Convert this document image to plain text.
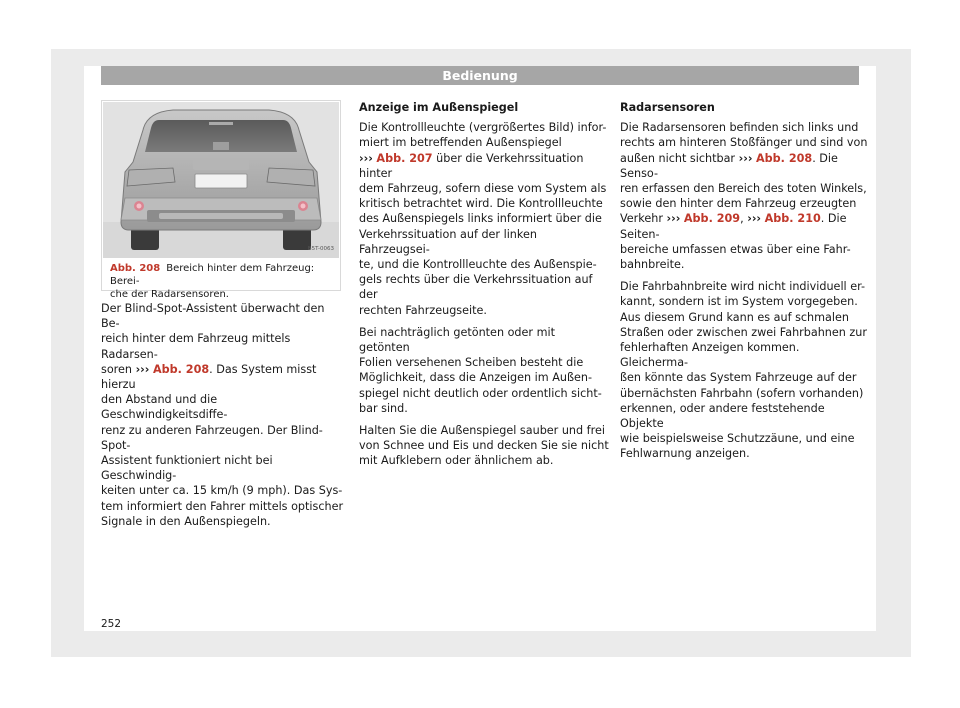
Bedienung
B5T-0063
Abb. 208 Bereich hinter dem Fahrzeug: Berei-
che der Radarsensoren.

Der Blind-Spot-Assistent überwacht den Be-
reich hinter dem Fahrzeug mittels Radarsen-
soren ››› Abb. 208. Das System misst hierzu
den Abstand und die Geschwindigkeitsdiffe-
renz zu anderen Fahrzeugen. Der Blind-Spot-
Assistent funktioniert nicht bei Geschwindig-
keiten unter ca. 15 km/h (9 mph). Das Sys-
tem informiert den Fahrer mittels optischer
Signale in den Außenspiegeln.

Anzeige im Außenspiegel

Die Kontrollleuchte (vergrößertes Bild) infor-
miert im betreffenden Außenspiegel
››› Abb. 207 über die Verkehrssituation hinter
dem Fahrzeug, sofern diese vom System als
kritisch betrachtet wird. Die Kontrollleuchte
des Außenspiegels links informiert über die
Verkehrssituation auf der linken Fahrzeugsei-
te, und die Kontrollleuchte des Außenspie-
gels rechts über die Verkehrssituation auf der
rechten Fahrzeugseite.

Bei nachträglich getönten oder mit getönten
Folien versehenen Scheiben besteht die
Möglichkeit, dass die Anzeigen im Außen-
spiegel nicht deutlich oder ordentlich sicht-
bar sind.

Halten Sie die Außenspiegel sauber und frei
von Schnee und Eis und decken Sie sie nicht
mit Aufklebern oder ähnlichem ab.

Radarsensoren

Die Radarsensoren befinden sich links und
rechts am hinteren Stoßfänger und sind von
außen nicht sichtbar ››› Abb. 208. Die Senso-
ren erfassen den Bereich des toten Winkels,
sowie den hinter dem Fahrzeug erzeugten
Verkehr ››› Abb. 209, ››› Abb. 210. Die Seiten-
bereiche umfassen etwas über eine Fahr-
bahnbreite.

Die Fahrbahnbreite wird nicht individuell er-
kannt, sondern ist im System vorgegeben.
Aus diesem Grund kann es auf schmalen
Straßen oder zwischen zwei Fahrbahnen zur
fehlerhaften Anzeigen kommen. Gleicherma-
ßen könnte das System Fahrzeuge auf der
übernächsten Fahrbahn (sofern vorhanden)
erkennen, oder andere feststehende Objekte
wie beispielsweise Schutzzäune, und eine
Fehlwarnung anzeigen.

252
